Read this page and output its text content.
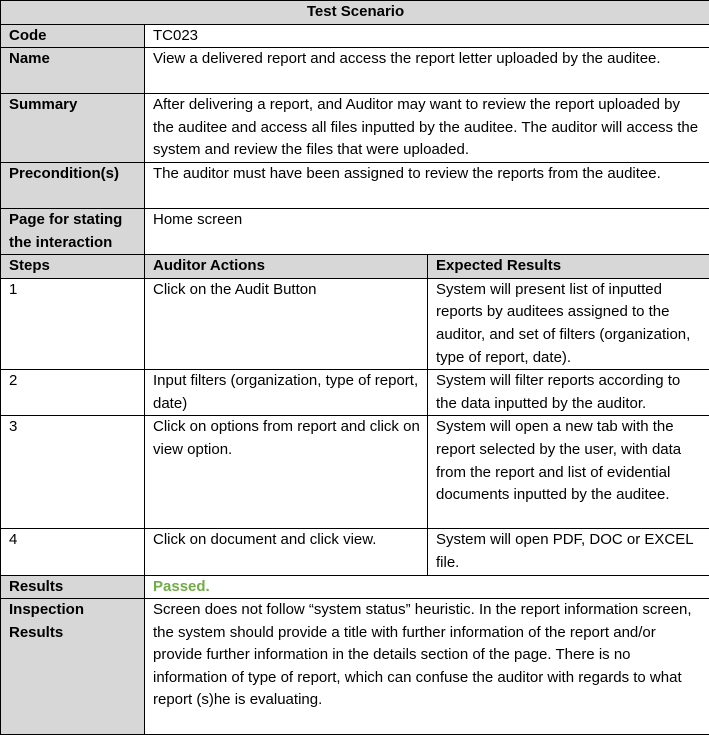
Test Scenario		
Code	TC023	
Name	View a delivered report and access the report letter uploaded by the auditee.	
Summary	After delivering a report, and Auditor may want to review the report uploaded by the auditee and access all files inputted by the auditee. The auditor will access the system and review the files that were uploaded.	
Precondition(s)	The auditor must have been assigned to review the reports from the auditee.	
Page for stating the interaction	Home screen	
Steps	Auditor Actions	Expected Results
1	Click on the Audit Button	System will present list of inputted reports by auditees assigned to the auditor, and set of filters (organization, type of report, date).
2	Input filters (organization, type of report, date)	System will filter reports according to the data inputted by the auditor.
3	Click on options from report and click on view option.	System will open a new tab with the report selected by the user, with data from the report and list of evidential documents inputted by the auditee.
4	Click on document and click view.	System will open PDF, DOC or EXCEL file.
Results	Passed.	
Inspection Results	Screen does not follow “system status” heuristic. In the report information screen, the system should provide a title with further information of the report and/or provide further information in the details section of the page. There is no information of type of report, which can confuse the auditor with regards to what report (s)he is evaluating.	
